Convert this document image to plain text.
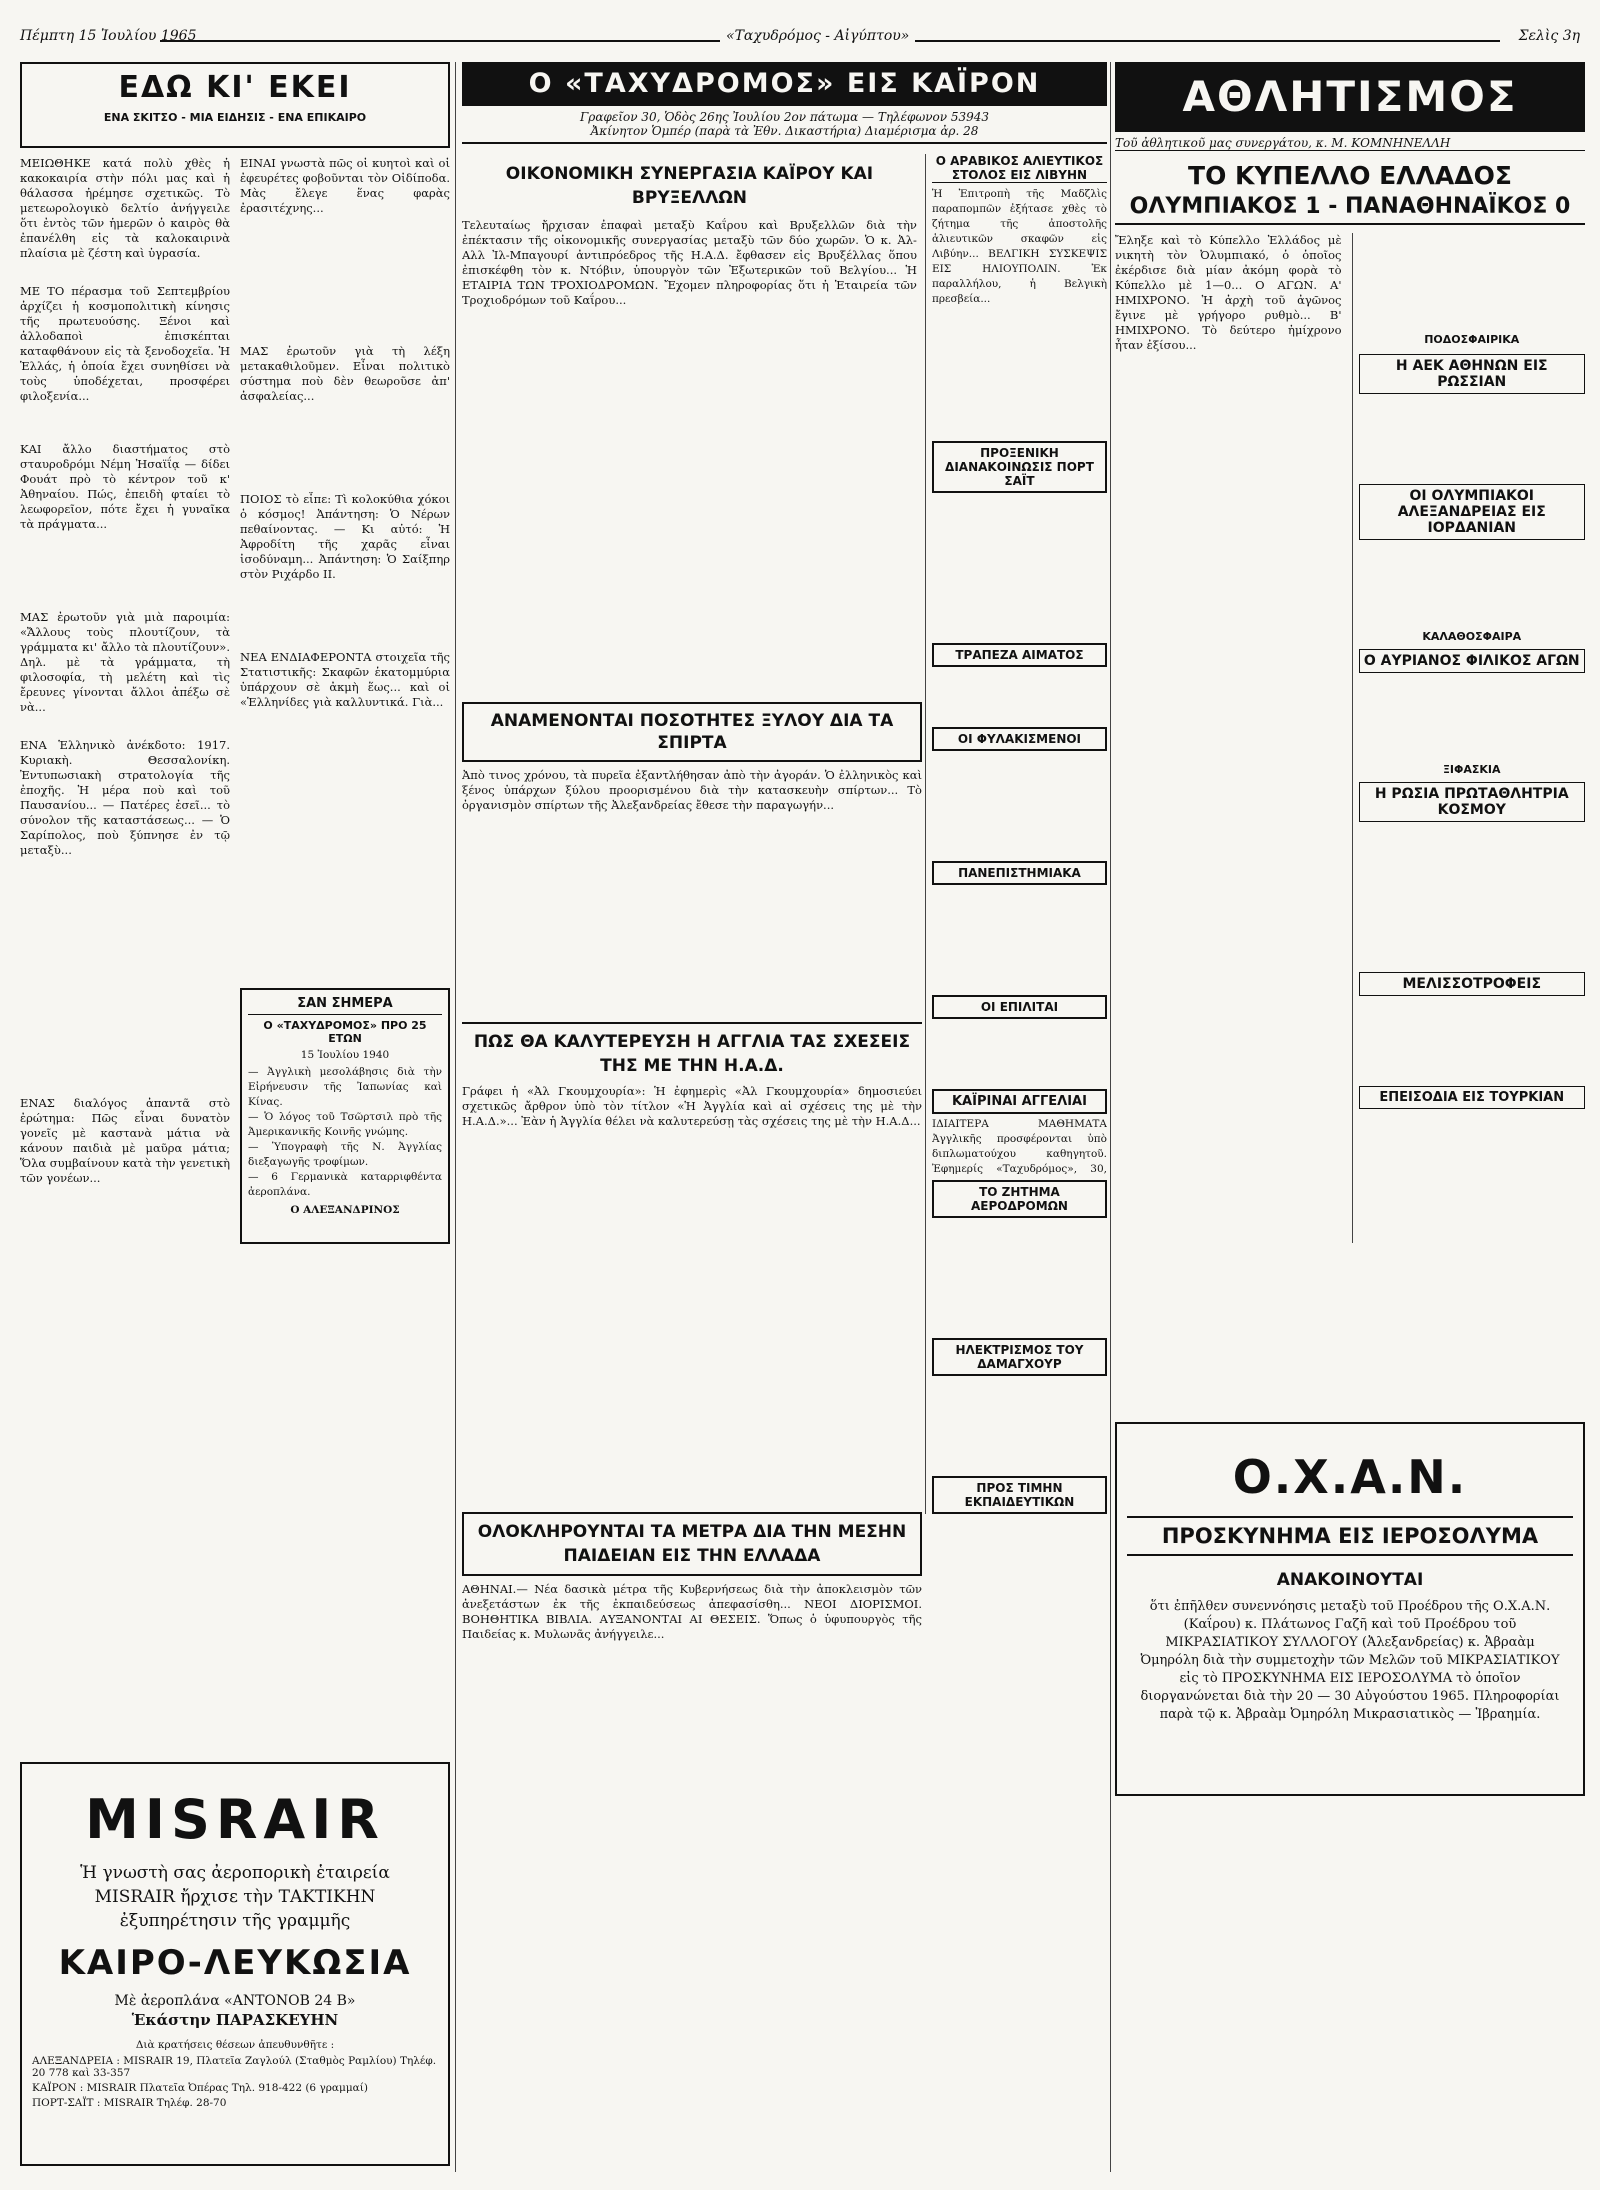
Πέμπτη 15 Ἰουλίου 1965	«Ταχυδρόμος - Αἰγύπτου»	Σελὶς 3η
ΕΔΩ ΚΙ' ΕΚΕΙ
ΕΝΑ ΣΚΙΤΣΟ - ΜΙΑ ΕΙΔΗΣΙΣ - ΕΝΑ ΕΠΙΚΑΙΡΟ

ΜΕΙΩΘΗΚΕ κατά πολὺ χθὲς ἡ κακοκαιρία στὴν πόλι μας καὶ ἡ θάλασσα ἠρέμησε σχετικῶς. Τὸ μετεωρολογικὸ δελτίο ἀνήγγειλε ὅτι ἐντὸς τῶν ἡμερῶν ὁ καιρὸς θὰ ἐπανέλθη εἰς τὰ καλοκαιρινὰ πλαίσια μὲ ζέστη καὶ ὑγρασία.

ΜΕ ΤΟ πέρασμα τοῦ Σεπτεμβρίου ἀρχίζει ἡ κοσμοπολιτικὴ κίνησις τῆς πρωτευούσης. Ξένοι καὶ ἀλλοδαποὶ ἐπισκέπται καταφθάνουν εἰς τὰ ξενοδοχεῖα. Ἡ Ἑλλάς, ἡ ὁποία ἔχει συνηθίσει νὰ τοὺς ὑποδέχεται, προσφέρει φιλοξενία...

ΚΑΙ ἄλλο διαστήματος στὸ σταυροδρόμι Νέμη Ἠσαϊΐᾳ — δίδει Φουάτ πρὸ τὸ κέντρον τοῦ κ' Ἀθηναίου. Πώς, ἐπειδὴ φταίει τὸ λεωφορεῖον, πότε ἔχει ἡ γυναῖκα τὰ πράγματα...

ΜΑΣ ἐρωτοῦν γιὰ μιὰ παροιμία: «Ἄλλους τοὺς πλουτίζουν, τὰ γράμματα κι' ἄλλο τὰ πλουτίζουν». Δηλ. μὲ τὰ γράμματα, τὴ φιλοσοφία, τὴ μελέτη καὶ τὶς ἔρευνες γίνονται ἄλλοι ἀπέξω σὲ νὰ...

ΕΝΑ Ἑλληνικὸ ἀνέκδοτο: 1917. Κυριακὴ. Θεσσαλονίκη. Ἐντυπωσιακὴ στρατολογία τῆς ἐποχῆς. Ἡ μέρα ποὺ καὶ τοῦ Παυσανίου... — Πατέρες ἐσεῖ... τὸ σύνολον τῆς καταστάσεως... — Ὁ Σαρίπολος, ποὺ ξύπνησε ἐν τῷ μεταξὺ...

ΕΝΑΣ διαλόγος ἀπαντᾶ στὸ ἐρώτημα: Πῶς εἶναι δυνατὸν γονεῖς μὲ καστανὰ μάτια νὰ κάνουν παιδιὰ μὲ μαῦρα μάτια; Ὅλα συμβαίνουν κατὰ τὴν γενετικὴ τῶν γονέων...

ΕΙΝΑΙ γνωστὰ πῶς οἱ κυητοὶ καὶ οἱ ἐφευρέτες φοβοῦνται τὸν Οἰδίποδα. Μὰς ἔλεγε ἕνας φαρὰς ἐρασιτέχνης...

ΜΑΣ ἐρωτοῦν γιὰ τὴ λέξη μετακαθιλοῦμεν. Εἶναι πολιτικὸ σύστημα ποὺ δὲν θεωροῦσε ἀπ' ἀσφαλείας...

ΠΟΙΟΣ τὸ εἶπε: Τὶ κολοκύθια χόκοι ὁ κόσμος! Ἀπάντηση: Ὁ Νέρων πεθαίνοντας. — Κι αὐτό: Ἡ Ἀφροδίτη τῆς χαρᾶς εἶναι ἰσοδύναμη... Ἀπάντηση: Ὁ Σαίξπηρ στὸν Ριχάρδο ΙΙ.

ΝΕΑ ΕΝΔΙΑΦΕΡΟΝΤΑ στοιχεῖα τῆς Στατιστικῆς: Σκαφῶν ἑκατομμύρια ὑπάρχουν σὲ ἀκμὴ ἕως... καὶ οἱ «Ἑλληνίδες γιὰ καλλυντικά. Γιὰ...

ΣΑΝ ΣΗΜΕΡΑ
Ο «ΤΑΧΥΔΡΟΜΟΣ» ΠΡΟ 25 ΕΤΩΝ
15 Ἰουλίου 1940
— Ἀγγλικὴ μεσολάβησις διὰ τὴν Εἰρήνευσιν τῆς Ἰαπωνίας καὶ Κίνας.
— Ὁ λόγος τοῦ Τσῶρτσιλ πρὸ τῆς Ἀμερικανικῆς Κοινῆς γνώμης.
— Ὑπογραφὴ τῆς Ν. Ἀγγλίας διεξαγωγῆς τροφίμων.
— 6 Γερμανικὰ καταρριφθέντα ἀεροπλάνα.
Ο ΑΛΕΞΑΝΔΡΙΝΟΣ
MISRAIR
Ἡ γνωστὴ σας ἀεροπορικὴ ἑταιρεία MISRAIR ἤρχισε τὴν ΤΑΚΤΙΚΗΝ ἐξυπηρέτησιν τῆς γραμμῆς
ΚΑΙΡΟ-ΛΕΥΚΩΣΙΑ
Μὲ ἀεροπλάνα «ΑΝΤΟΝΟΒ 24 Β»
Ἑκάστην ΠΑΡΑΣΚΕΥΗΝ
Διὰ κρατήσεις θέσεων ἀπευθυνθῆτε :
ΑΛΕΞΑΝΔΡΕΙΑ : MISRAIR 19, Πλατεῖα Ζαγλούλ (Σταθμὸς Ραμλίου) Τηλέφ. 20 778 καὶ 33-357
ΚΑΪΡΟΝ : MISRAIR Πλατεῖα Ὀπέρας Τηλ. 918-422 (6 γραμμαί)
ΠΟΡΤ-ΣΑΪΤ : MISRAIR Τηλέφ. 28-70
Ο «ΤΑΧΥΔΡΟΜΟΣ» ΕΙΣ ΚΑΪΡΟΝ
Γραφεῖον 30, Ὁδὸς 26ης Ἰουλίου 2ον πάτωμα — Τηλέφωνον 53943
Ἀκίνητον Ὁμπέρ (παρὰ τὰ Ἐθν. Δικαστήρια) Διαμέρισμα ἀρ. 28
ΟΙΚΟΝΟΜΙΚΗ ΣΥΝΕΡΓΑΣΙΑ ΚΑΪΡΟΥ ΚΑΙ ΒΡΥΞΕΛΛΩΝ

Τελευταίως ἤρχισαν ἐπαφαὶ μεταξὺ Καΐρου καὶ Βρυξελλῶν διὰ τὴν ἐπέκτασιν τῆς οἰκονομικῆς συνεργασίας μεταξὺ τῶν δύο χωρῶν. Ὁ κ. Ἀλ-Αλλ Ἰλ-Μπαγουρί ἀντιπρόεδρος τῆς Η.Α.Δ. ἔφθασεν εἰς Βρυξέλλας ὅπου ἐπισκέφθη τὸν κ. Ντόβιν, ὑπουργὸν τῶν Ἐξωτερικῶν τοῦ Βελγίου... Ἡ ΕΤΑΙΡΙΑ ΤΩΝ ΤΡΟΧΙΟΔΡΟΜΩΝ. Ἔχομεν πληροφορίας ὅτι ἡ Ἑταιρεία τῶν Τροχιοδρόμων τοῦ Καΐρου...

Ο ΑΡΑΒΙΚΟΣ ΑΛΙΕΥΤΙΚΟΣ ΣΤΟΛΟΣ ΕΙΣ ΛΙΒΥΗΝ

Ἡ Ἐπιτροπὴ τῆς Μαδζλὶς παραπομπῶν ἐξήτασε χθὲς τὸ ζήτημα τῆς ἀποστολῆς ἁλιευτικῶν σκαφῶν εἰς Λιβύην... ΒΕΛΓΙΚΗ ΣΥΣΚΕΨΙΣ ΕΙΣ ΗΛΙΟΥΠΟΛΙΝ. Ἐκ παραλλήλου, ἡ Βελγικὴ πρεσβεία...

ΠΡΟΞΕΝΙΚΗ ΔΙΑΝΑΚΟΙΝΩΣΙΣ ΠΟΡΤ ΣΑΪΤ
ΤΡΑΠΕΖΑ ΑΙΜΑΤΟΣ
ΟΙ ΦΥΛΑΚΙΣΜΕΝΟΙ
ΠΑΝΕΠΙΣΤΗΜΙΑΚΑ
ΟΙ ΕΠΙΛΙΤΑΙ
ΚΑΪΡΙΝΑΙ ΑΓΓΕΛΙΑΙ

ΙΔΙΑΙΤΕΡΑ ΜΑΘΗΜΑΤΑ Ἀγγλικῆς προσφέρονται ὑπὸ διπλωματούχου καθηγητοῦ. Ἐφημερίς «Ταχυδρόμος», 30,

ΤΟ ΖΗΤΗΜΑ ΑΕΡΟΔΡΟΜΩΝ
ΗΛΕΚΤΡΙΣΜΟΣ ΤΟΥ ΔΑΜΑΓΧΟΥΡ
ΠΡΟΣ ΤΙΜΗΝ ΕΚΠΑΙΔΕΥΤΙΚΩΝ
ΑΝΑΜΕΝΟΝΤΑΙ ΠΟΣΟΤΗΤΕΣ ΞΥΛΟΥ ΔΙΑ ΤΑ ΣΠΙΡΤΑ

Ἀπὸ τινος χρόνου, τὰ πυρεῖα ἐξαντλήθησαν ἀπὸ τὴν ἀγοράν. Ὁ ἐλληνικὸς καὶ ξένος ὑπάρχων ξύλου προορισμένου διὰ τὴν κατασκευὴν σπίρτων... Τὸ ὀργανισμὸν σπίρτων τῆς Ἀλεξανδρείας ἔθεσε τὴν παραγωγήν...

ΠΩΣ ΘΑ ΚΑΛΥΤΕΡΕΥΣΗ Η ΑΓΓΛΙΑ ΤΑΣ ΣΧΕΣΕΙΣ ΤΗΣ ΜΕ ΤΗΝ Η.Α.Δ.

Γράφει ἡ «Ἀλ Γκουμχουρία»: Ἡ ἐφημερὶς «Ἀλ Γκουμχουρία» δημοσιεύει σχετικῶς ἄρθρον ὑπὸ τὸν τίτλον «Ἡ Ἀγγλία καὶ αἱ σχέσεις της μὲ τὴν Η.Α.Δ.»... Ἐὰν ἡ Ἀγγλία θέλει νὰ καλυτερεύσῃ τὰς σχέσεις της μὲ τὴν Η.Α.Δ...

ΟΛΟΚΛΗΡΟΥΝΤΑΙ ΤΑ ΜΕΤΡΑ ΔΙΑ ΤΗΝ ΜΕΣΗΝ ΠΑΙΔΕΙΑΝ ΕΙΣ ΤΗΝ ΕΛΛΑΔΑ

ΑΘΗΝΑΙ.— Νέα δασικὰ μέτρα τῆς Κυβερνήσεως διὰ τὴν ἀποκλεισμὸν τῶν ἀνεξετάστων ἐκ τῆς ἐκπαιδεύσεως ἀπεφασίσθη... ΝΕΟΙ ΔΙΟΡΙΣΜΟΙ. ΒΟΗΘΗΤΙΚΑ ΒΙΒΛΙΑ. ΑΥΞΑΝΟΝΤΑΙ ΑΙ ΘΕΣΕΙΣ. Ὅπως ὁ ὑφυπουργὸς τῆς Παιδείας κ. Μυλωνᾶς ἀνήγγειλε...

ΑΘΛΗΤΙΣΜΟΣ
Τοῦ ἀθλητικοῦ μας συνεργάτου, κ. Μ. ΚΟΜΝΗΝΕΛΛΗ
ΤΟ ΚΥΠΕΛΛΟ ΕΛΛΑΔΟΣ
ΟΛΥΜΠΙΑΚΟΣ 1 - ΠΑΝΑΘΗΝΑΪΚΟΣ 0

Ἔληξε καὶ τὸ Κύπελλο Ἑλλάδος μὲ νικητὴ τὸν Ὀλυμπιακό, ὁ ὁποῖος ἐκέρδισε διὰ μίαν ἀκόμη φορὰ τὸ Κύπελλο μὲ 1—0... Ο ΑΓΩΝ. Α' ΗΜΙΧΡΟΝΟ. Ἡ ἀρχὴ τοῦ ἀγῶνος ἔγινε μὲ γρήγορο ρυθμὸ... Β' ΗΜΙΧΡΟΝΟ. Τὸ δεύτερο ἡμίχρονο ἦταν ἐξίσου...	ΠΟΔΟΣΦΑΙΡΙΚΑ
Η ΑΕΚ ΑΘΗΝΩΝ ΕΙΣ ΡΩΣΣΙΑΝ
ΟΙ ΟΛΥΜΠΙΑΚΟΙ ΑΛΕΞΑΝΔΡΕΙΑΣ ΕΙΣ ΙΟΡΔΑΝΙΑΝ
ΚΑΛΑΘΟΣΦΑΙΡΑ
Ο ΑΥΡΙΑΝΟΣ ΦΙΛΙΚΟΣ ΑΓΩΝ
ΞΙΦΑΣΚΙΑ
Η ΡΩΣΙΑ ΠΡΩΤΑΘΛΗΤΡΙΑ ΚΟΣΜΟΥ
ΜΕΛΙΣΣΟΤΡΟΦΕΙΣ
ΕΠΕΙΣΟΔΙΑ ΕΙΣ ΤΟΥΡΚΙΑΝ
Ο.Χ.Α.Ν.
ΠΡΟΣΚΥΝΗΜΑ ΕΙΣ ΙΕΡΟΣΟΛΥΜΑ
ΑΝΑΚΟΙΝΟΥΤΑΙ
ὅτι ἐπῆλθεν συνεννόησις μεταξὺ τοῦ Προέδρου τῆς Ο.Χ.Α.Ν. (Καΐρου) κ. Πλάτωνος Γαζῆ καὶ τοῦ Προέδρου τοῦ ΜΙΚΡΑΣΙΑΤΙΚΟΥ ΣΥΛΛΟΓΟΥ (Ἀλεξανδρείας) κ. Ἀβραὰμ Ὀμηρόλη διὰ τὴν συμμετοχὴν τῶν Μελῶν τοῦ ΜΙΚΡΑΣΙΑΤΙΚΟΥ εἰς τὸ ΠΡΟΣΚΥΝΗΜΑ ΕΙΣ ΙΕΡΟΣΟΛΥΜΑ τὸ ὁποῖον διοργανώνεται διὰ τὴν 20 — 30 Αὐγούστου 1965. Πληροφορίαι παρὰ τῷ κ. Ἀβραὰμ Ὀμηρόλη Μικρασιατικὸς — Ἰβραημία.
